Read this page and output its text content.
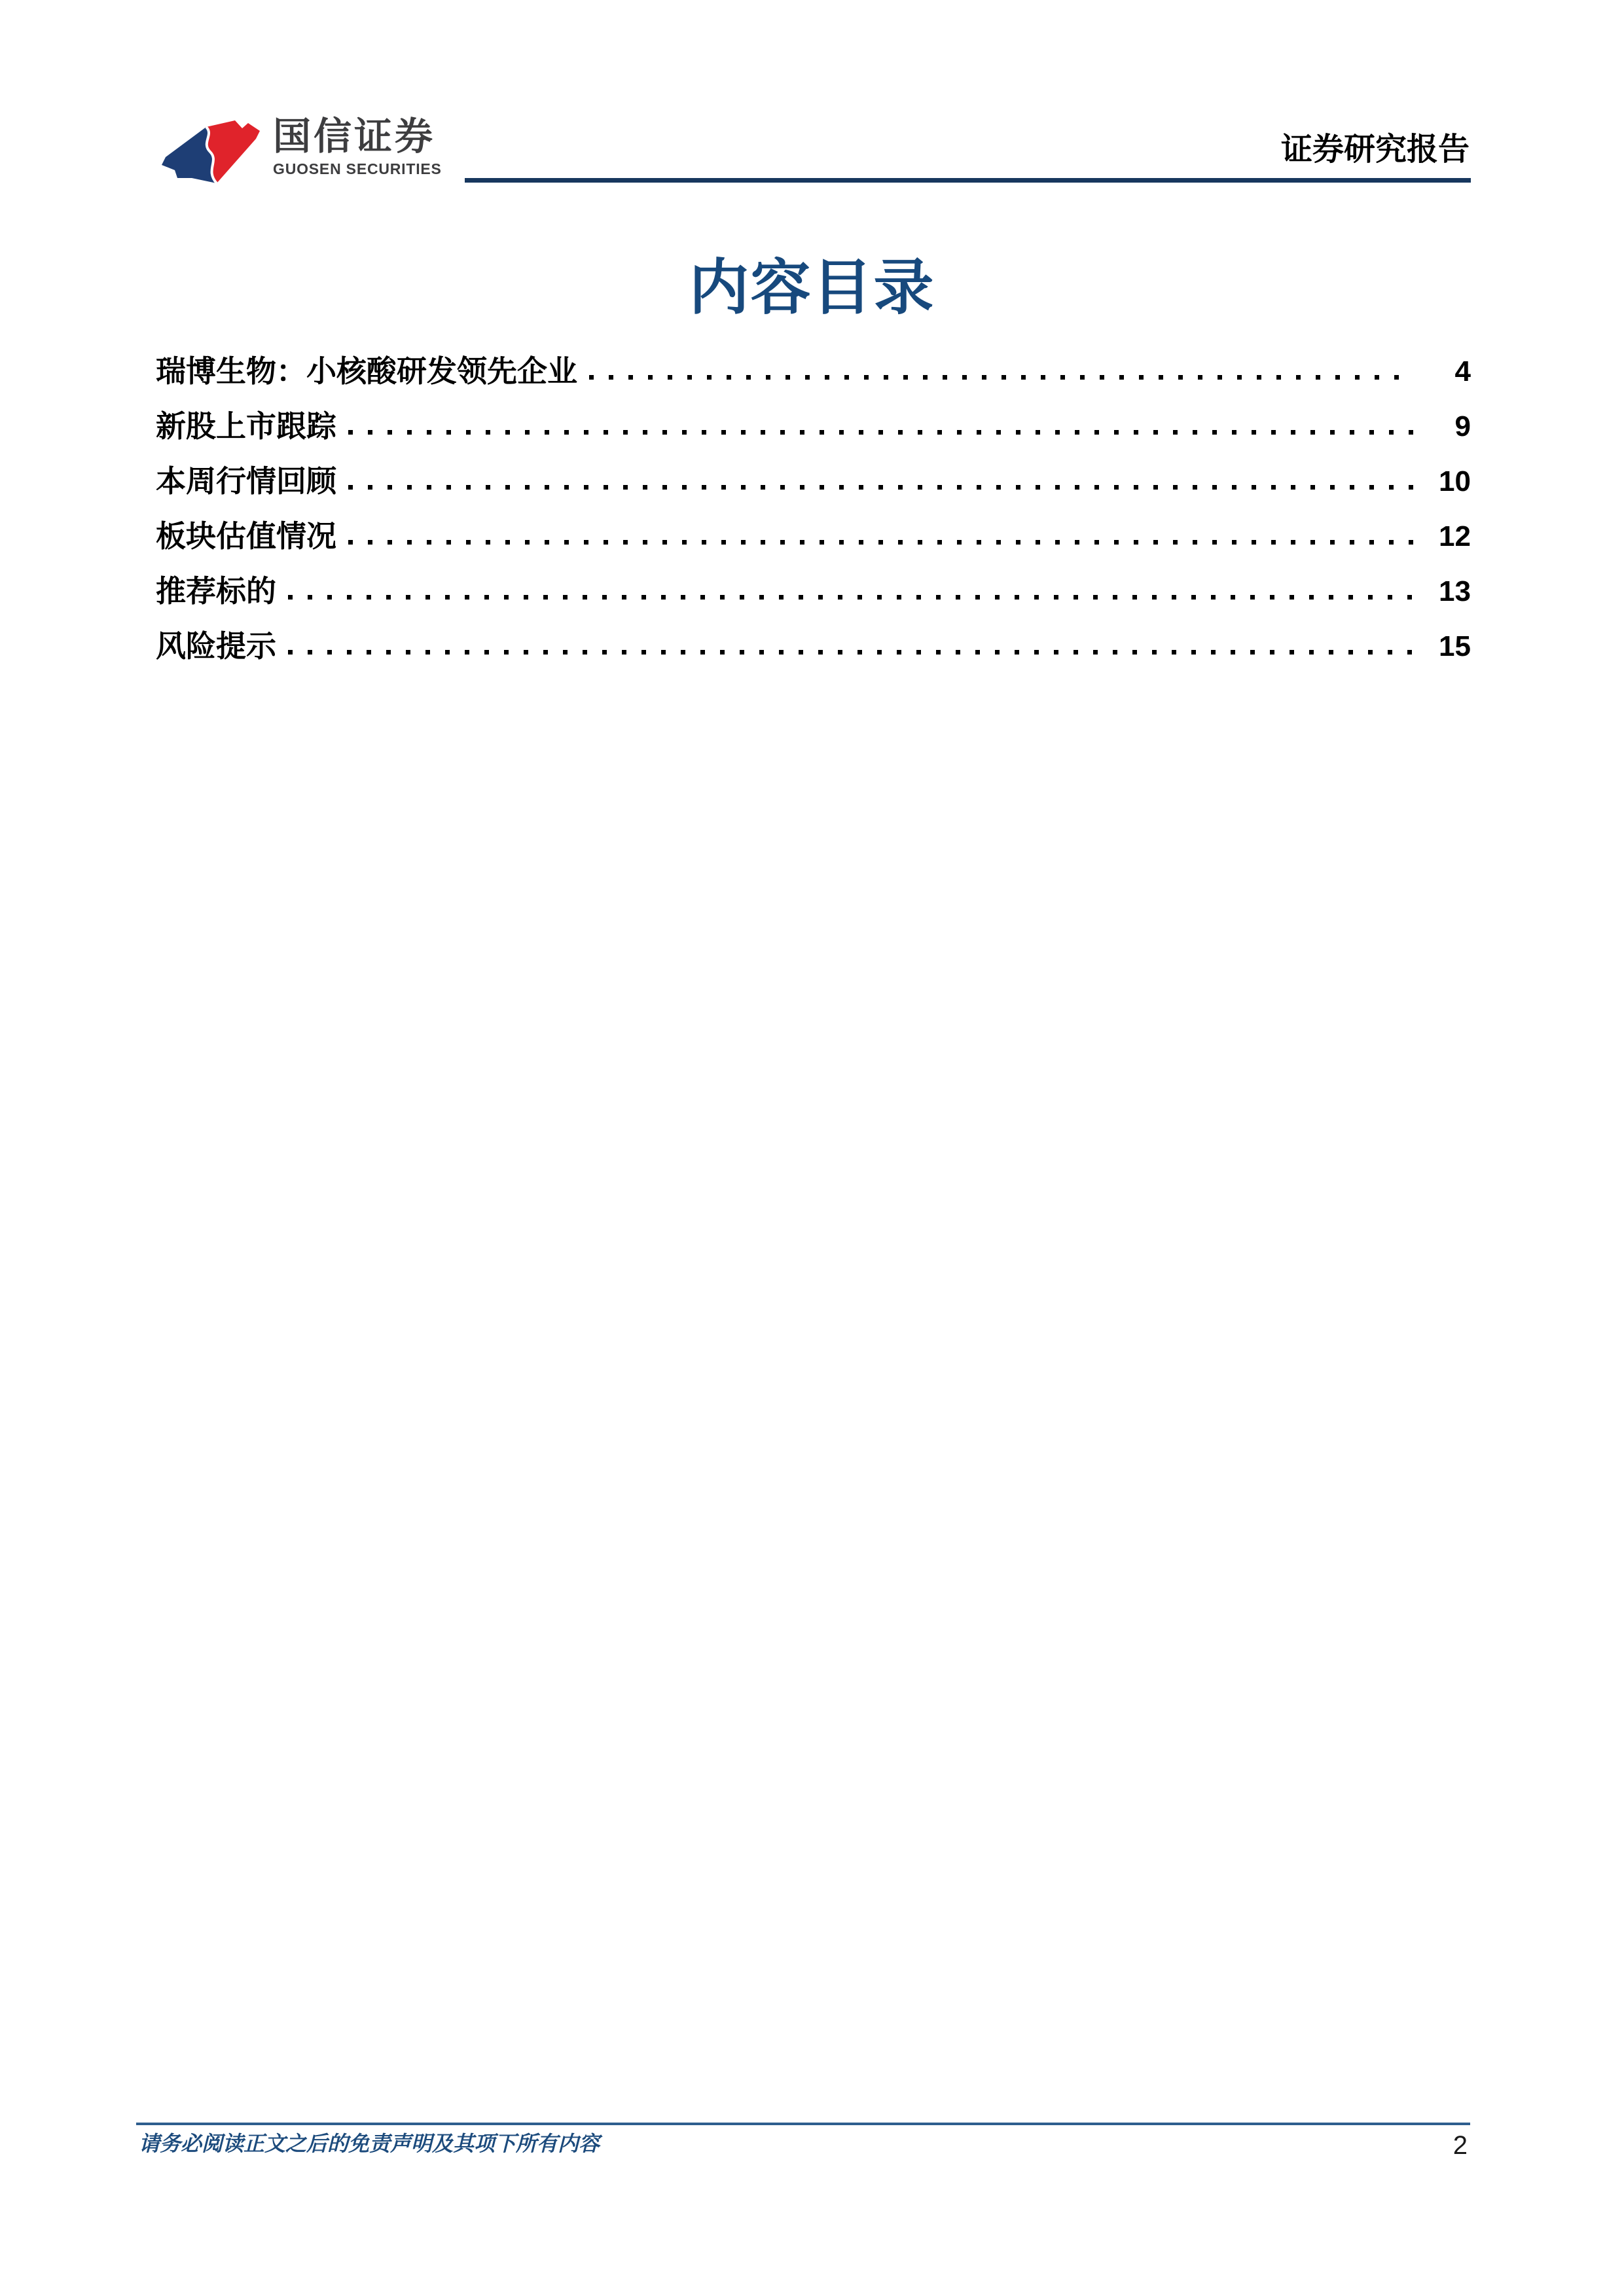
国信证券
GUOSEN SECURITIES
证券研究报告
内容目录
瑞博生物：小核酸研发领先企业	4
新股上市跟踪	9
本周行情回顾	10
板块估值情况	12
推荐标的	13
风险提示	15
请务必阅读正文之后的免责声明及其项下所有内容	2
